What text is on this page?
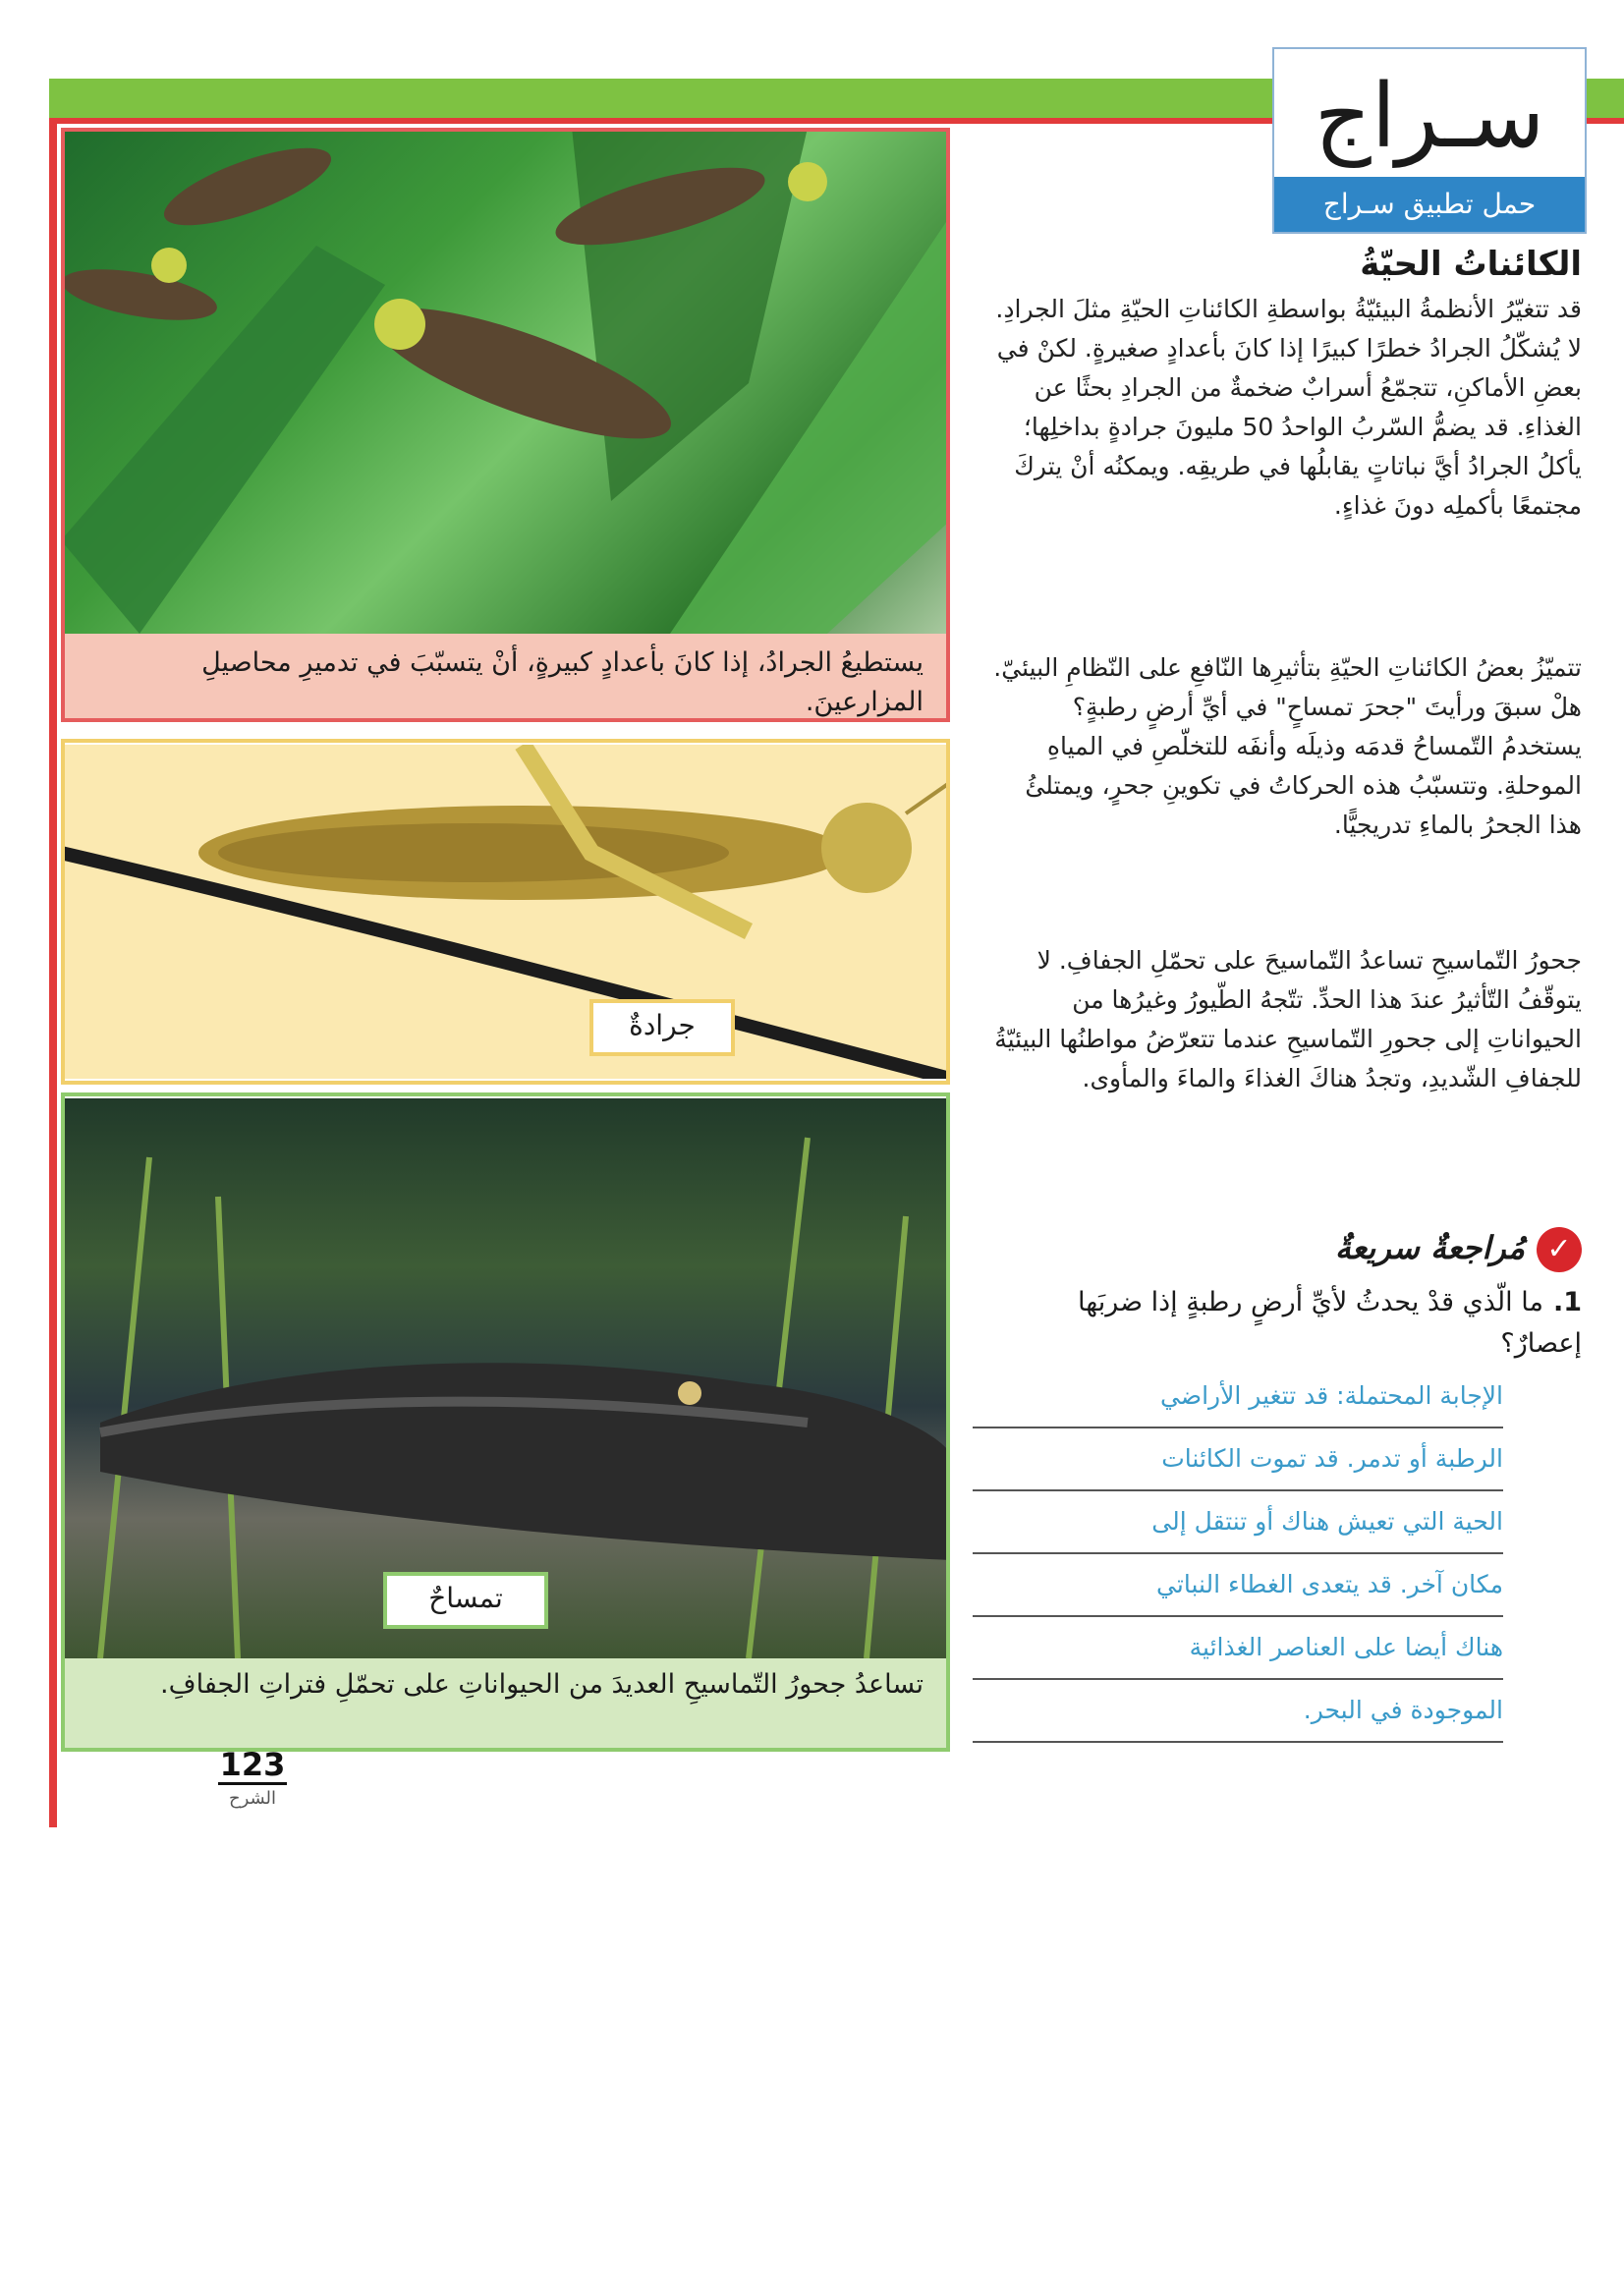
سـراج
حمل تطبيق سـراج
يستطيعُ الجرادُ، إذا كانَ بأعدادٍ كبيرةٍ، أنْ يتسبّبَ في تدميرِ محاصيلِ المزارعينَ.
جرادةٌ
تمساحٌ
تساعدُ جحورُ التّماسيحِ العديدَ من الحيواناتِ على تحمّلِ فتراتِ الجفافِ.
الكائناتُ الحيّةُ

قد تتغيّرُ الأنظمةُ البيئيّةُ بواسطةِ الكائناتِ الحيّةِ مثلَ الجرادِ. لا يُشكّلُ الجرادُ خطرًا كبيرًا إذا كانَ بأعدادٍ صغيرةٍ. لكنْ في بعضِ الأماكنِ، تتجمّعُ أسرابٌ ضخمةٌ من الجرادِ بحثًا عن الغذاءِ. قد يضمُّ السّربُ الواحدُ 50 مليونَ جرادةٍ بداخلِها؛ يأكلُ الجرادُ أيَّ نباتاتٍ يقابلُها في طريقِه. ويمكنُه أنْ يتركَ مجتمعًا بأكملِه دونَ غذاءٍ.

تتميّزُ بعضُ الكائناتِ الحيّةِ بتأثيرِها النّافعِ على النّظامِ البيئيّ. هلْ سبقَ ورأيتَ "جحرَ تمساحٍ" في أيِّ أرضٍ رطبةٍ؟ يستخدمُ التّمساحُ قدمَه وذيلَه وأنفَه للتخلّصِ في المياهِ الموحلةِ. وتتسبّبُ هذه الحركاتُ في تكوينِ جحرٍ، ويمتلئُ هذا الجحرُ بالماءِ تدريجيًّا.

جحورُ التّماسيحِ تساعدُ التّماسيحَ على تحمّلِ الجفافِ. لا يتوقّفُ التّأثيرُ عندَ هذا الحدِّ. تتّجهُ الطّيورُ وغيرُها من الحيواناتِ إلى جحورِ التّماسيحِ عندما تتعرّضُ مواطنُها البيئيّةُ للجفافِ الشّديدِ، وتجدُ هناكَ الغذاءَ والماءَ والمأوى.

✓مُراجعةٌ سريعةٌ
1.ما الّذي قدْ يحدثُ لأيِّ أرضٍ رطبةٍ إذا ضربَها إعصارٌ؟
الإجابة المحتملة: قد تتغير الأراضي
الرطبة أو تدمر. قد تموت الكائنات
الحية التي تعيش هناك أو تنتقل إلى
مكان آخر. قد يتعدى الغطاء النباتي
هناك أيضا على العناصر الغذائية
الموجودة في البحر.
123
الشرح
